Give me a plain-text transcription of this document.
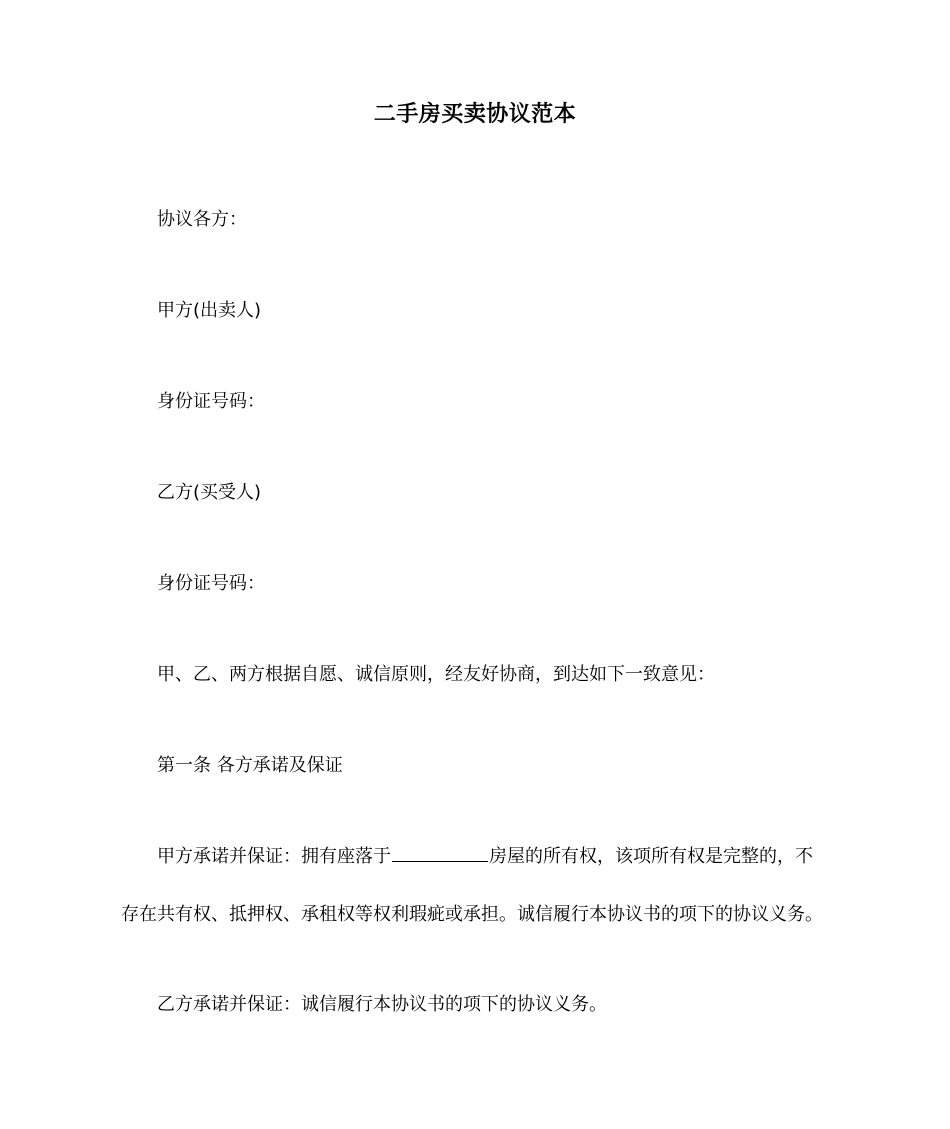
二手房买卖协议范本
协议各方：
甲方(出卖人)
身份证号码：
乙方(买受人)
身份证号码：
甲、乙、两方根据自愿、诚信原则，经友好协商，到达如下一致意见：
第一条 各方承诺及保证
甲方承诺并保证：拥有座落于	房屋的所有权，该项所有权是完整的，不
存在共有权、抵押权、承租权等权利瑕疵或承担。诚信履行本协议书的项下的协议义务。
乙方承诺并保证：诚信履行本协议书的项下的协议义务。
